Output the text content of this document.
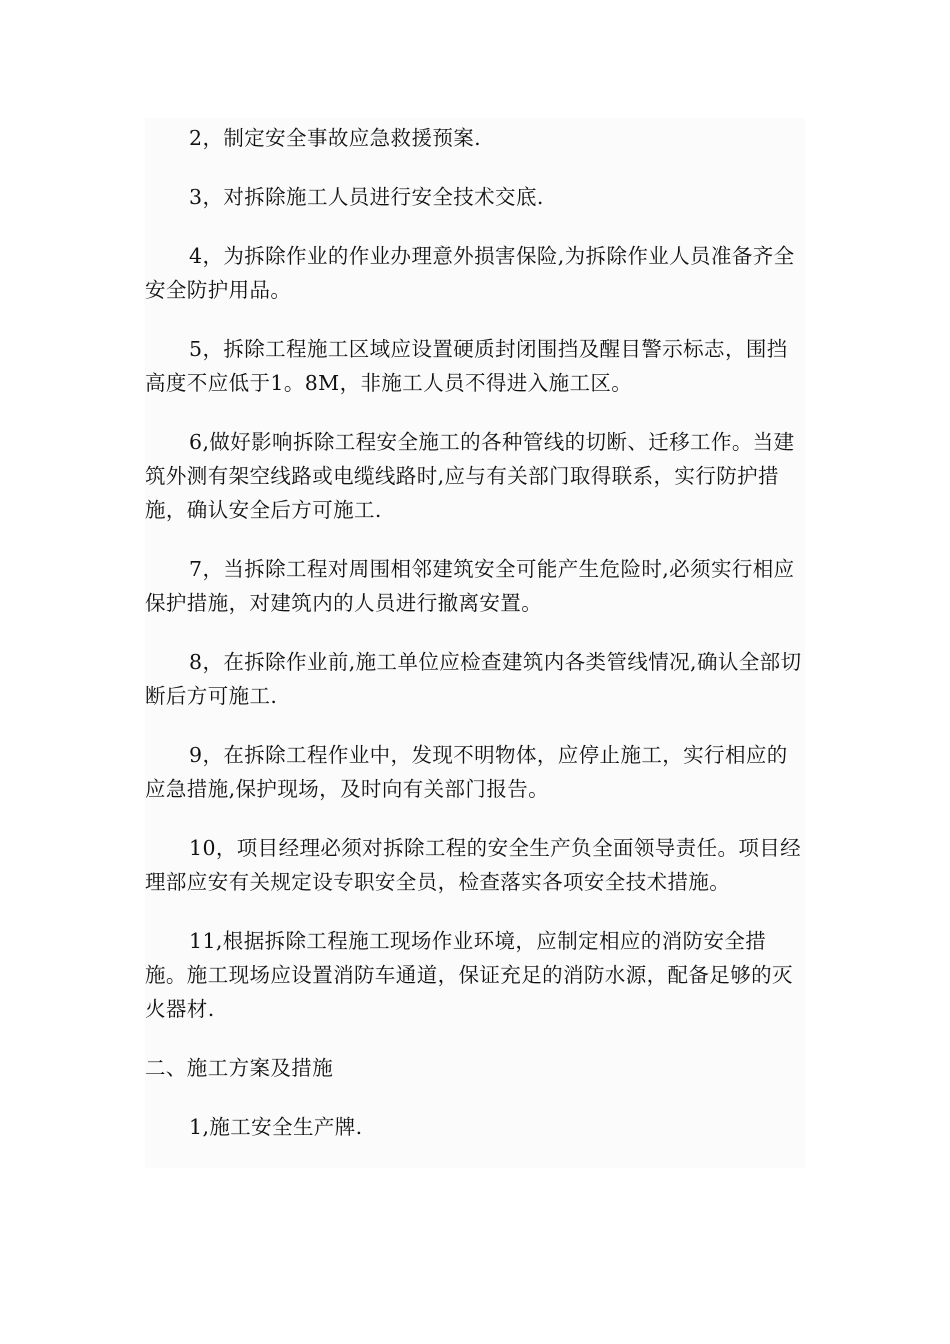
2，制定安全事故应急救援预案.

3，对拆除施工人员进行安全技术交底.

4，为拆除作业的作业办理意外损害保险,为拆除作业人员准备齐全安全防护用品。

5，拆除工程施工区域应设置硬质封闭围挡及醒目警示标志，围挡高度不应低于1。8M，非施工人员不得进入施工区。

6,做好影响拆除工程安全施工的各种管线的切断、迁移工作。当建筑外测有架空线路或电缆线路时,应与有关部门取得联系，实行防护措施，确认安全后方可施工.

7，当拆除工程对周围相邻建筑安全可能产生危险时,必须实行相应保护措施，对建筑内的人员进行撤离安置。

8，在拆除作业前,施工单位应检查建筑内各类管线情况,确认全部切断后方可施工.

9，在拆除工程作业中，发现不明物体，应停止施工，实行相应的应急措施,保护现场，及时向有关部门报告。

10，项目经理必须对拆除工程的安全生产负全面领导责任。项目经理部应安有关规定设专职安全员，检查落实各项安全技术措施。

11,根据拆除工程施工现场作业环境，应制定相应的消防安全措施。施工现场应设置消防车通道，保证充足的消防水源，配备足够的灭火器材.

二、施工方案及措施

1,施工安全生产牌.
